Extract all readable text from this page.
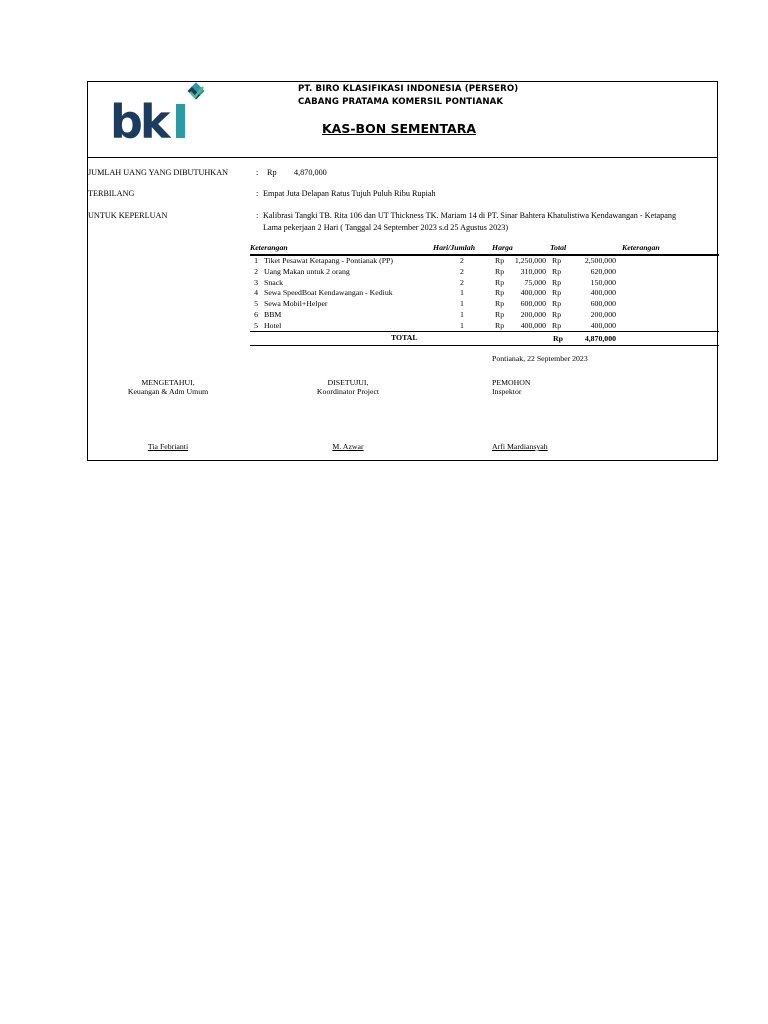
bk
PT. BIRO KLASIFIKASI INDONESIA (PERSERO)
CABANG PRATAMA KOMERSIL PONTIANAK
KAS-BON SEMENTARA
JUMLAH UANG YANG DIBUTUHKAN	: Rp 4,870,000
TERBILANG	: Empat Juta Delapan Ratus Tujuh Puluh Ribu Rupiah
UNTUK KEPERLUAN	: Kalibrasi Tangki TB. Rita 106 dan UT Thickness TK. Mariam 14 di PT. Sinar Bahtera Khatulistiwa Kendawangan - Ketapang
Lama pekerjaan 2 Hari ( Tanggal 24 September 2023 s.d 25 Agustus 2023)
Keterangan	Hari/Jumlah Harga	Total	Keterangan
1 Tiket Pesawat Ketapang - Pontianak (PP)	2	Rp	1,250,000 Rp	2,500,000
2 Uang Makan untuk 2 orang	2	Rp	310,000 Rp	620,000
3 Snack	2	Rp	75,000 Rp	150,000
4 Sewa SpeedBoat Kendawangan - Kediuk	1	Rp	400,000 Rp	400,000
5 Sewa Mobil+Helper	1	Rp	600,000 Rp	600,000
6 BBM	1	Rp	200,000 Rp	200,000
5 Hotel	1	Rp	400,000 Rp	400,000
TOTAL	Rp	4,870,000
Pontianak, 22 September 2023
MENGETAHUI,
Keuangan & Adm Umum
Tia Febrianti
DISETUJUI,
Koordinator Project
M. Azwar
PEMOHON
Inspektor
Arfi Mardiansyah
